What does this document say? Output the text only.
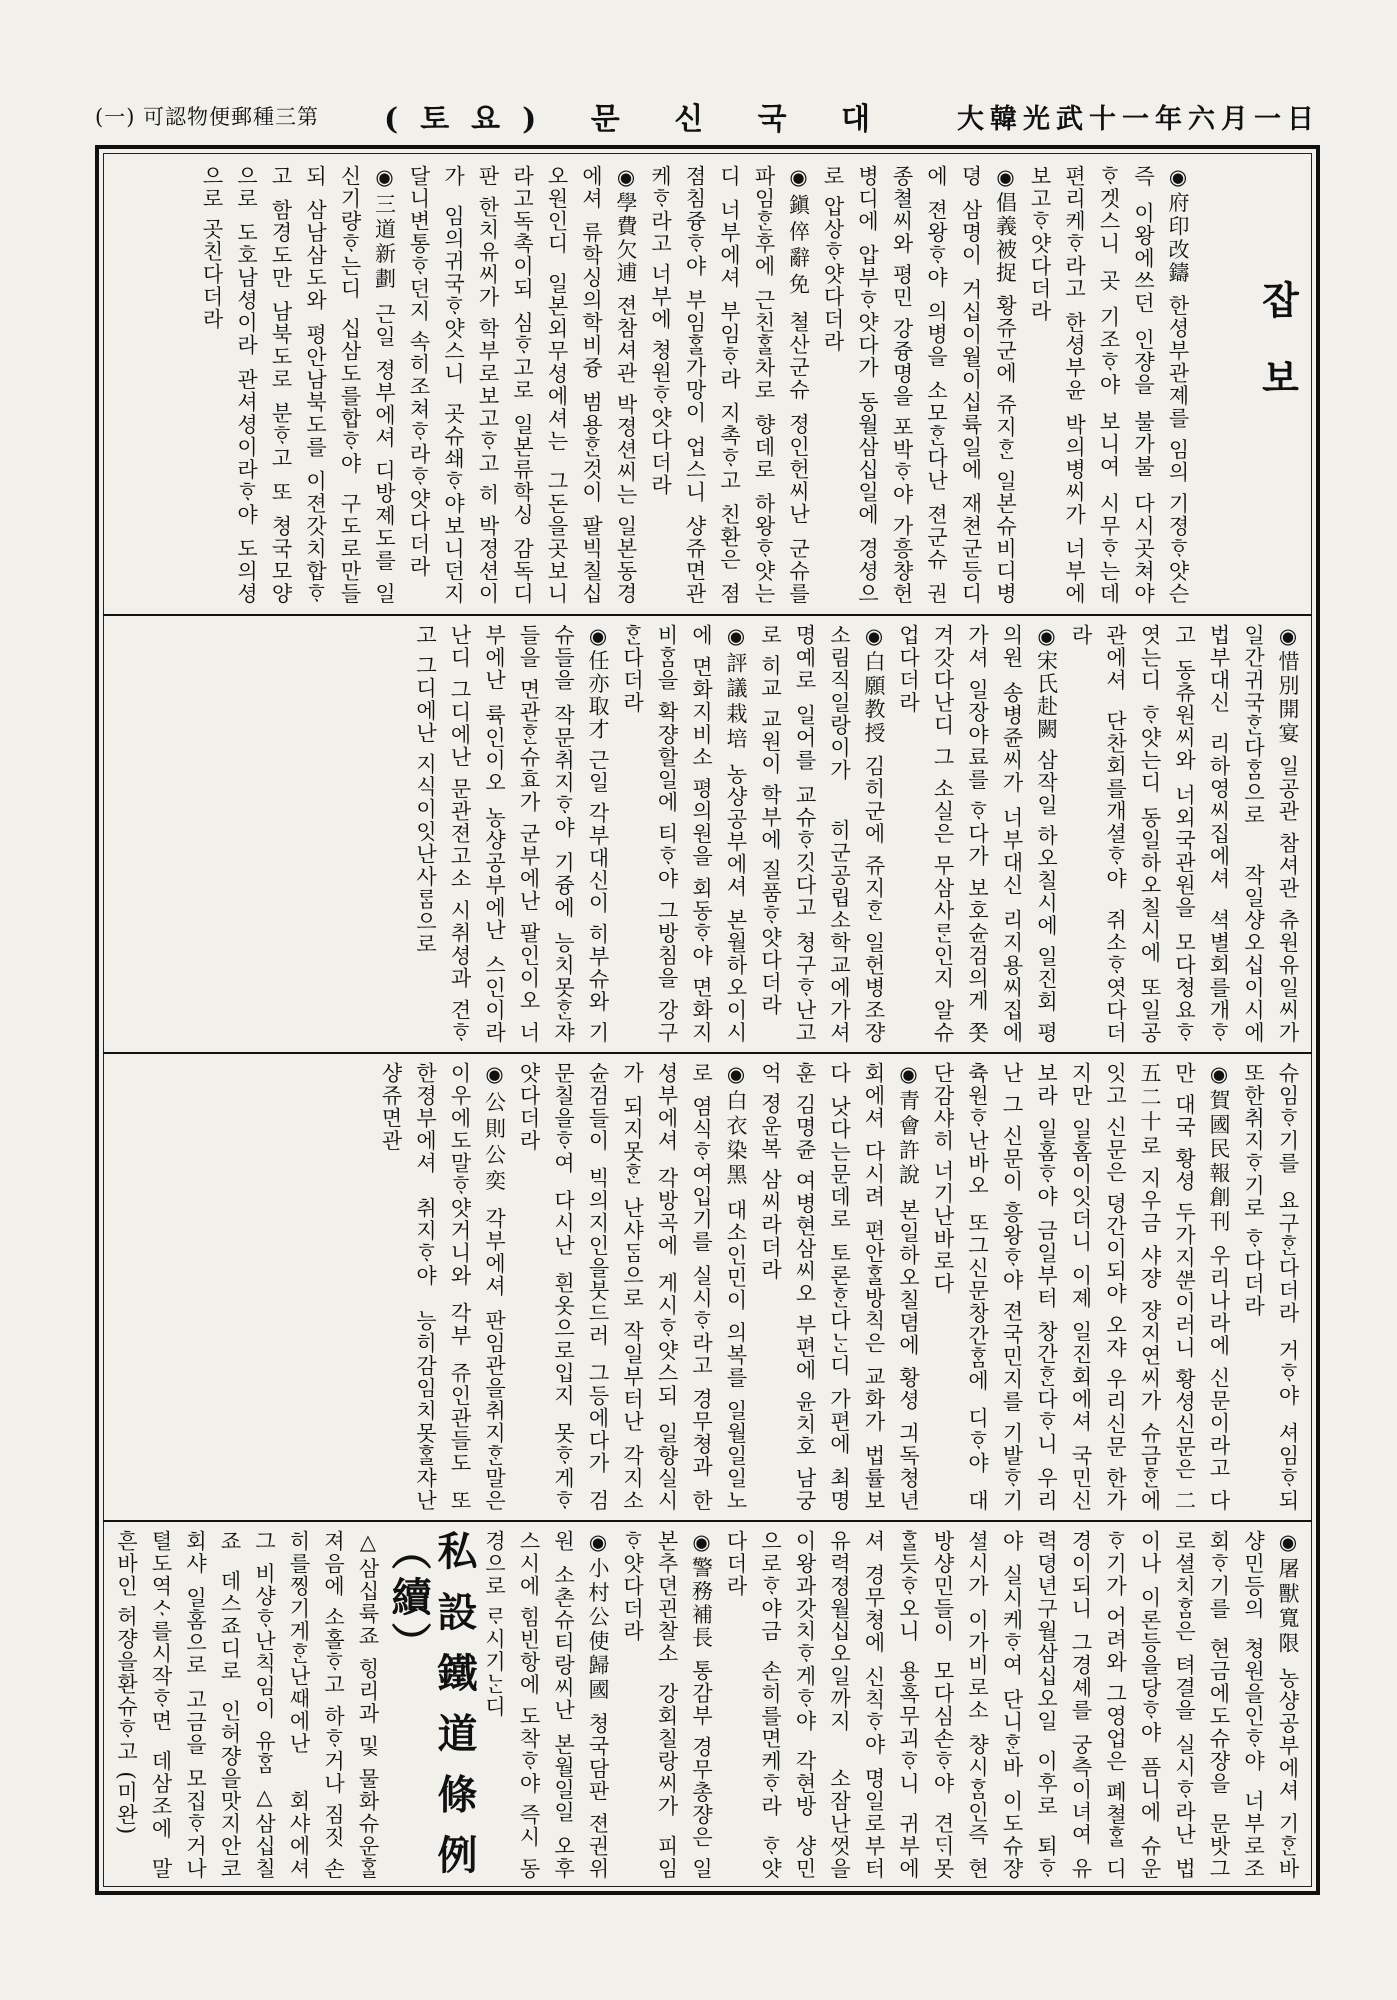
(一) 可認物便郵種三第 (토요) 문 신 국 대 大韓光武十一年六月一日
잡보

◉府印改鑄 한셩부관졔를 임의 기졍ᄒᆞ얏슨즉 이왕에쓰던 인쟝을 불가불 다시곳쳐야 ᄒᆞ겟스니 곳 기조ᄒᆞ야 보니여 시무ᄒᆞ는데 편리케ᄒᆞ라고 한셩부윤 박의병씨가 너부에 보고ᄒᆞ얏다더라

◉倡義被捉 황쥬군에 쥬지ᄒᆞᆫ 일본슈비디병뎡 삼명이 거십이월이십륙일에 재쳔군등디에 젼왕ᄒᆞ야 의병을 소모ᄒᆞᆫ다난 젼군슈 권종쳘씨와 평민 강즁명을 포박ᄒᆞ야 가흥챵헌병디에 압부ᄒᆞ얏다가 동월삼십일에 경셩으로 압상ᄒᆞ얏다더라

◉鎭倅辭免 쳘산군슈 졍인헌씨난 군슈를 파임ᄒᆞᆫ후에 근친ᄒᆞᆯ차로 향데로 하왕ᄒᆞ얏는디 너부에셔 부임ᄒᆞ라 지촉ᄒᆞ고 친환은 졈졈침즁ᄒᆞ야 부임ᄒᆞᆯ가망이 업스니 샹쥬면관케ᄒᆞ라고 너부에 쳥원ᄒᆞ얏다더라

◉學費欠逋 젼참셔관 박졍션씨는 일본동경에셔 류학싱의학비즁 범용ᄒᆞᆫ것이 팔빅칠십오원인디 일본외무셩에셔는 그돈을곳보니라고독촉이되 심ᄒᆞ고로 일본류학싱 감독디판 한치유씨가 학부로보고ᄒᆞ고 히 박졍션이가 임의귀국ᄒᆞ얏스니 곳슈쇄ᄒᆞ야보니던지 달니변통ᄒᆞ던지 속히조쳐ᄒᆞ라ᄒᆞ얏다더라

◉三道新劃 근일 졍부에셔 디방졔도를 일신기량ᄒᆞ는디 십삼도를합ᄒᆞ야 구도로만들되 삼남삼도와 평안남북도를 이젼갓치합ᄒᆞ고 함경도만 남북도로 분ᄒᆞ고 또 쳥국모양으로 도호남셩이라 관셔셩이라ᄒᆞ야 도의셩으로 곳친다더라

◉惜別開宴 일공관 참셔관 츄원유일씨가 일간귀국ᄒᆞᆫ다ᄒᆞᆷ으로 작일샹오십이시에 법부대신 리하영씨집에셔 셕별회를개ᄒᆞ고 동츄원씨와 너외국관원을 모다쳥요ᄒᆞ엿는디 ᄒᆞ얏는디 동일하오칠시에 또일공관에셔 단찬회를개셜ᄒᆞ야 쥐소ᄒᆞ엿다더라

◉宋氏赴闕 삼작일 하오칠시에 일진회 평의원 송병쥰씨가 너부대신 리지용씨집에가셔 일장야료를 ᄒᆞ다가 보호슌검의게 쫏겨갓다난디 그 소실은 무삼사ᄅᆞᆫ인지 알슈업다더라

◉白願教授 김히군에 쥬지ᄒᆞᆫ 일헌병조쟝 소림직일랑이가 히군공립소학교에가셔 명예로 일어를 교슈ᄒᆞ깃다고 쳥구ᄒᆞ난고로 히교 교원이 학부에 질품ᄒᆞ얏다더라

◉評議栽培 농샹공부에셔 본월하오이시에 면화지비소 평의원을 회동ᄒᆞ야 면화지비ᄒᆞᆷ을 확쟝할일에 티ᄒᆞ야 그방침을 강구ᄒᆞᆫ다더라

◉任亦取才 근일 각부대신이 히부슈와 기슈들을 작문취지ᄒᆞ야 기즁에 능치못ᄒᆞᆫ쟈들을 면관ᄒᆞᆫ슈효가 군부에난 팔인이오 너부에난 륙인이오 농샹공부에난 스인이라난디 그디에난 문관젼고소 시취셩과 견ᄒᆞ고 그디에난 지식이잇난사ᄅᆞᆷ으로

슈임ᄒᆞ기를 요구ᄒᆞᆫ다더라 거ᄒᆞ야 셔임ᄒᆞ되또한취지ᄒᆞ기로 ᄒᆞ다더라

◉賀國民報創刊 우리나라에 신문이라고 다만 대국 황셩 두가지ᄲᅮᆫ이러니 황셩신문은 二五二十로 지우금 샤쟝 쟝지연씨가 슈금ᄒᆞᆫ에잇고 신문은 뎡간이되야 오쟈 우리신문 한가지만 일홈이잇더니 이졔 일진회에셔 국민신보라 일홈ᄒᆞ야 금일부터 창간ᄒᆞᆫ다ᄒᆞ니 우리난 그 신문이 흥왕ᄒᆞ야 젼국민지를 기발ᄒᆞ기 츅원ᄒᆞ난바오 또그신문창간ᄒᆞᆷ에 디ᄒᆞ야 대단감샤히 너기난바로다

◉青會許說 본일하오칠뎜에 황셩 긔독쳥년회에셔 다시려 편안ᄒᆞᆯ방칙은 교화가 법률보다 낫다는문데로 토론ᄒᆞᆫ다ᄂᆞᆫ디 가편에 최명훈 김명쥰 여병현삼씨오 부편에 윤치호 남궁억 졍운복 삼씨라더라

◉白衣染黑 대소인민이 의복를 일월일일노로 염식ᄒᆞ여입기를 실시ᄒᆞ라고 경무쳥과 한셩부에셔 각방곡에 게시ᄒᆞ얏스되 일향실시가 되지못ᄒᆞᆫ 난샤ᄃᆞᆷ으로 작일부터난 각지소슌검들이 빅의지인을붓드러 그등에다가 검문칠을ᄒᆞ여 다시난 흰옷으로입지 못ᄒᆞ게ᄒᆞ얏다더라

◉公則公奕 각부에셔 판임관을취지ᄒᆞᆫ말은 이우에도말ᄒᆞ얏거니와 각부 쥬인관들도 또한졍부에셔 취지ᄒᆞ야 능히감임치못ᄒᆞᆯ쟈난 샹쥬면관

◉屠獸寬限 농샹공부에셔 기ᄒᆞᆫ바 샹민등의 쳥원을인ᄒᆞ야 너부로조회ᄒᆞ기를 현금에도슈쟝을 문밧그로셜치ᄒᆞᆷ은 텨결을 실시ᄒᆞ라난 법이나 이론등을당ᄒᆞ야 픔니에 슈운ᄒᆞ기가 어려와 그영업은 폐쳘ᄒᆞᆯ 디경이되니 그경셰를 궁측이녀여 유력뎡년구월삼십오일 이후로 퇴ᄒᆞ야 실시케ᄒᆞ여 단니ᄒᆞᆫ바 이도슈쟝셜시가 이가비로소 챵시ᄒᆞᆷ인즉 현방샹민들이 모다심손ᄒᆞ야 견ᄃᆡ못ᄒᆞᆯ듯ᄒᆞ오니 용혹무괴ᄒᆞ니 귀부에셔 경무쳥에 신칙ᄒᆞ야 명일로부터 유력졍월십오일까지 소잠난ᄭᅥᆺ을 이왕과갓치ᄒᆞ게ᄒᆞ야 각현방 샹민으로ᄒᆞ야금 손히를면케ᄒᆞ라 ᄒᆞ얏다더라

◉警務補長 통감부 경무총쟝은 일본추뎐괸찰소 강회칠랑씨가 피임ᄒᆞ얏다더라

◉小村公使歸國 쳥국담판 젼권위원 소촌슈티랑씨난 본월일일 오후스시에 힘빈항에 도착ᄒᆞ야 즉시 동경으로 ᄅᆞ시기ᄂᆞᆫ디

私設鐵道條例（續）

△삼십륙죠 힝리과 및 물화슈운ᄒᆞᆯ 져음에 소홀ᄒᆞ고 하ᄒᆞ거나 짐짓 손히를찡기게ᄒᆞᆫ난ᄯᅢ에난 회샤에셔 그 비샹ᄒᆞ난칙임이 유ᄒᆞᆷ △삼십칠죠 데스죠디로 인허쟝을맛지안코 회샤 일홈으로 고금을 모집ᄒᆞ거나 텰도역ᄉᆞ를시작ᄒᆞ면 데삼조에 말흔바인 허쟝을환슈ᄒᆞ고 (미완)
